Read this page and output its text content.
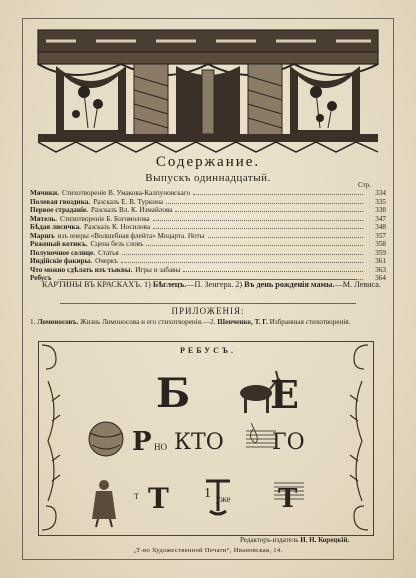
Содержание.
Выпускъ одиннадцатый.
Стр.
Мячики. Стихотвореніе В. Умакова-Калпуновскаго	334
Полевая гвоздика. Разсказъ Е. В. Туркина	335
Первое страданіе. Разсказъ Вл. К. Измайлова	338
Мятель. Стихотвореніе Б. Богомолова	347
Бѣдая лисичка. Разсказъ К. Носилова	348
Маршъ изъ оперы «Волшебная флейта» Моцарта. Ноты	357
Ряженый котикъ. Сцена безъ словъ	358
Полуночное солнце. Статья	359
Индійскіе факиры. Очеркъ	361
Что можно сдѣлать изъ тыквы. Игры и забавы	363
Ребусъ	364
КАРТИНЫ ВЪ КРАСКАХЪ. 1) Бѣглецъ.—П. Зенгера. 2) Въ день рожденія мамы.—М. Левиса.
ПРИЛОЖЕНІЯ:
1. Ломоносовъ. Жизнь Ломоносова и его стихотворенія.—2. Шевченко, Т. Г. Избранныя стихотворенія.
РЕБУСЪ.
Б Е
Р НО КТО ГО
Т Т	1 уже Т
Редакторъ-издатель И. Н. Корецкій.
„Т-во Художественной Печати“, Ивановская, 14.
